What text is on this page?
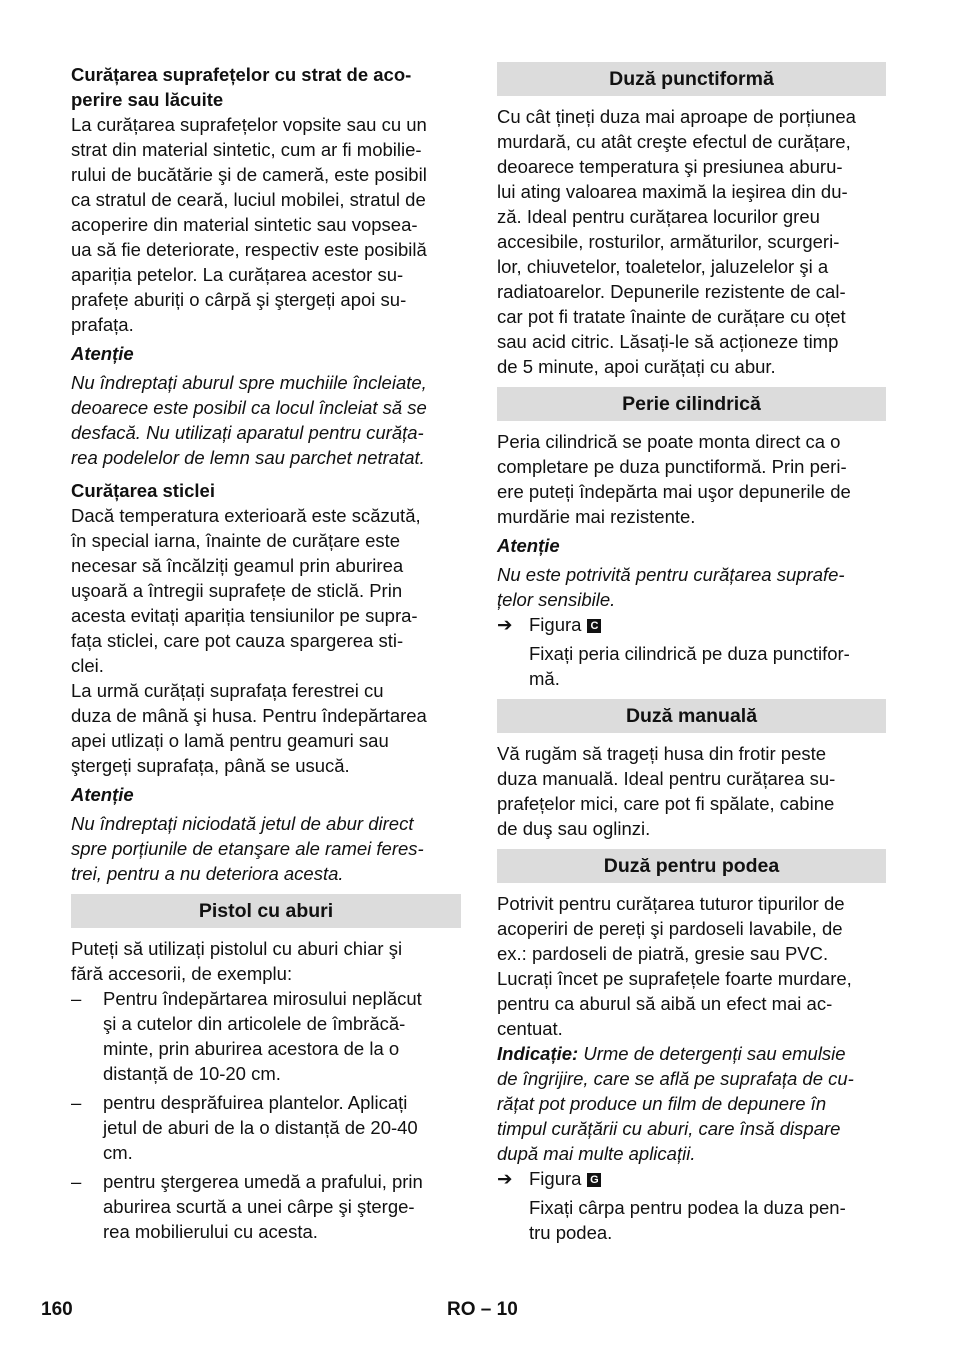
Curățarea suprafețelor cu strat de aco-
perire sau lăcuite
La curățarea suprafețelor vopsite sau cu un
strat din material sintetic, cum ar fi mobilie-
rului de bucătărie şi de cameră, este posibil
ca stratul de ceară, luciul mobilei, stratul de
acoperire din material sintetic sau vopsea-
ua să fie deteriorate, respectiv este posibilă
apariția petelor. La curățarea acestor su-
prafețe aburiți o cârpă şi ştergeți apoi su-
prafața.
Atenție
Nu îndreptați aburul spre muchiile încleiate,
deoarece este posibil ca locul încleiat să se
desfacă. Nu utilizați aparatul pentru curăța-
rea podelelor de lemn sau parchet netratat.
Curățarea sticlei
Dacă temperatura exterioară este scăzută,
în special iarna, înainte de curățare este
necesar să încălziți geamul prin aburirea
uşoară a întregii suprafețe de sticlă. Prin
acesta evitați apariția tensiunilor pe supra-
fața sticlei, care pot cauza spargerea sti-
clei.
La urmă curățați suprafața ferestrei cu
duza de mână şi husa. Pentru îndepărtarea
apei utlizați o lamă pentru geamuri sau
ştergeți suprafața, până se usucă.
Atenție
Nu îndreptați niciodată jetul de abur direct
spre porțiunile de etanşare ale ramei feres-
trei, pentru a nu deteriora acesta.
Pistol cu aburi
Puteți să utilizați pistolul cu aburi chiar şi
fără accesorii, de exemplu:
–	Pentru îndepărtarea mirosului neplăcut
şi a cutelor din articolele de îmbrăcă-
minte, prin aburirea acestora de la o
distanță de 10-20 cm.
–	pentru desprăfuirea plantelor. Aplicați
jetul de aburi de la o distanță de 20-40
cm.
–	pentru ştergerea umedă a prafului, prin
aburirea scurtă a unei cârpe şi şterge-
rea mobilierului cu acesta.
Duză punctiformă
Cu cât țineți duza mai aproape de porțiunea
murdară, cu atât creşte efectul de curățare,
deoarece temperatura şi presiunea aburu-
lui ating valoarea maximă la ieşirea din du-
ză. Ideal pentru curățarea locurilor greu
accesibile, rosturilor, armăturilor, scurgeri-
lor, chiuvetelor, toaletelor, jaluzelelor şi a
radiatoarelor. Depunerile rezistente de cal-
car pot fi tratate înainte de curățare cu oțet
sau acid citric. Lăsați-le să acționeze timp
de 5 minute, apoi curățați cu abur.
Perie cilindrică
Peria cilindrică se poate monta direct ca o
completare pe duza punctiformă. Prin peri-
ere puteți îndepărta mai uşor depunerile de
murdărie mai rezistente.
Atenție
Nu este potrivită pentru curățarea suprafe-
țelor sensibile.
➔ Figura C
Fixați peria cilindrică pe duza punctifor-
mă.
Duză manuală
Vă rugăm să trageți husa din frotir peste
duza manuală. Ideal pentru curățarea su-
prafețelor mici, care pot fi spălate, cabine
de duş sau oglinzi.
Duză pentru podea
Potrivit pentru curățarea tuturor tipurilor de
acoperiri de pereți şi pardoseli lavabile, de
ex.: pardoseli de piatră, gresie sau PVC.
Lucrați încet pe suprafețele foarte murdare,
pentru ca aburul să aibă un efect mai ac-
centuat.
Indicație: Urme de detergenți sau emulsie
de îngrijire, care se află pe suprafața de cu-
rățat pot produce un film de depunere în
timpul curățării cu aburi, care însă dispare
după mai multe aplicații.
➔ Figura G
Fixați cârpa pentru podea la duza pen-
tru podea.
160	RO – 10
